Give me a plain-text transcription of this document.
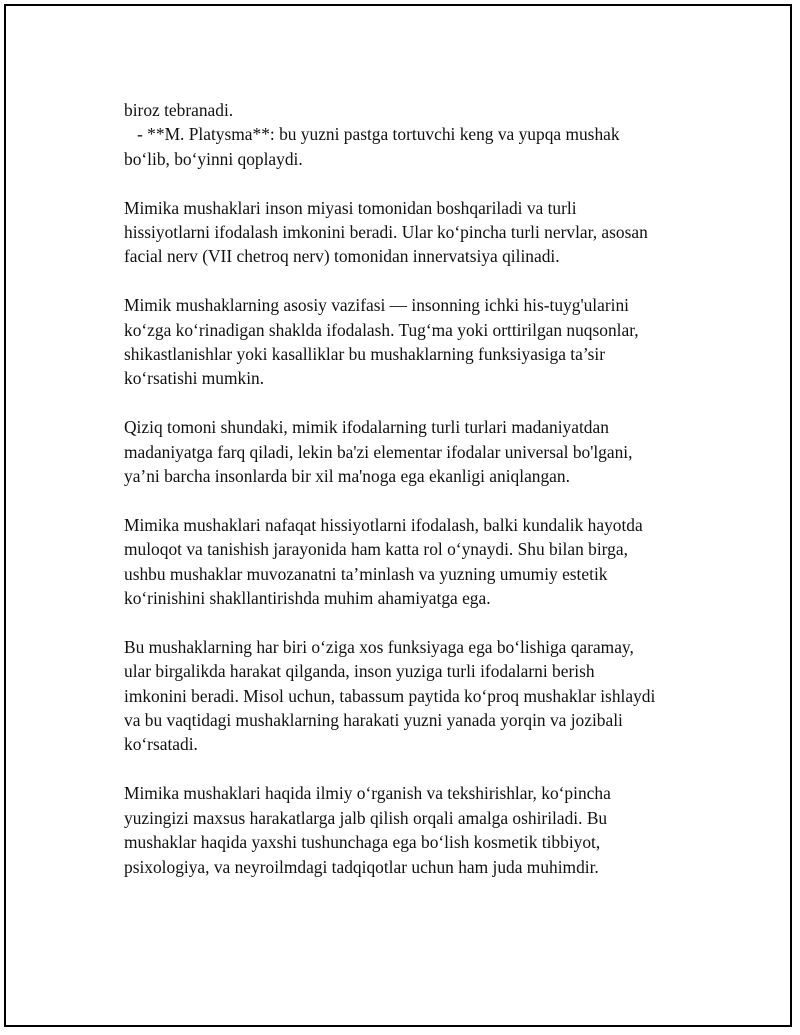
biroz tebranadi.
- **M. Platysma**: bu yuzni pastga tortuvchi keng va yupqa mushak
bo‘lib, bo‘yinni qoplaydi.

Mimika mushaklari inson miyasi tomonidan boshqariladi va turli
hissiyotlarni ifodalash imkonini beradi. Ular ko‘pincha turli nervlar, asosan
facial nerv (VII chetroq nerv) tomonidan innervatsiya qilinadi.

Mimik mushaklarning asosiy vazifasi — insonning ichki his-tuyg'ularini
ko‘zga ko‘rinadigan shaklda ifodalash. Tug‘ma yoki orttirilgan nuqsonlar,
shikastlanishlar yoki kasalliklar bu mushaklarning funksiyasiga ta’sir
ko‘rsatishi mumkin.

Qiziq tomoni shundaki, mimik ifodalarning turli turlari madaniyatdan
madaniyatga farq qiladi, lekin ba'zi elementar ifodalar universal bo'lgani,
ya’ni barcha insonlarda bir xil ma'noga ega ekanligi aniqlangan.

Mimika mushaklari nafaqat hissiyotlarni ifodalash, balki kundalik hayotda
muloqot va tanishish jarayonida ham katta rol o‘ynaydi. Shu bilan birga,
ushbu mushaklar muvozanatni ta’minlash va yuzning umumiy estetik
ko‘rinishini shakllantirishda muhim ahamiyatga ega.

Bu mushaklarning har biri o‘ziga xos funksiyaga ega bo‘lishiga qaramay,
ular birgalikda harakat qilganda, inson yuziga turli ifodalarni berish
imkonini beradi. Misol uchun, tabassum paytida ko‘proq mushaklar ishlaydi
va bu vaqtidagi mushaklarning harakati yuzni yanada yorqin va jozibali
ko‘rsatadi.

Mimika mushaklari haqida ilmiy o‘rganish va tekshirishlar, ko‘pincha
yuzingizi maxsus harakatlarga jalb qilish orqali amalga oshiriladi. Bu
mushaklar haqida yaxshi tushunchaga ega bo‘lish kosmetik tibbiyot,
psixologiya, va neyroilmdagi tadqiqotlar uchun ham juda muhimdir.
